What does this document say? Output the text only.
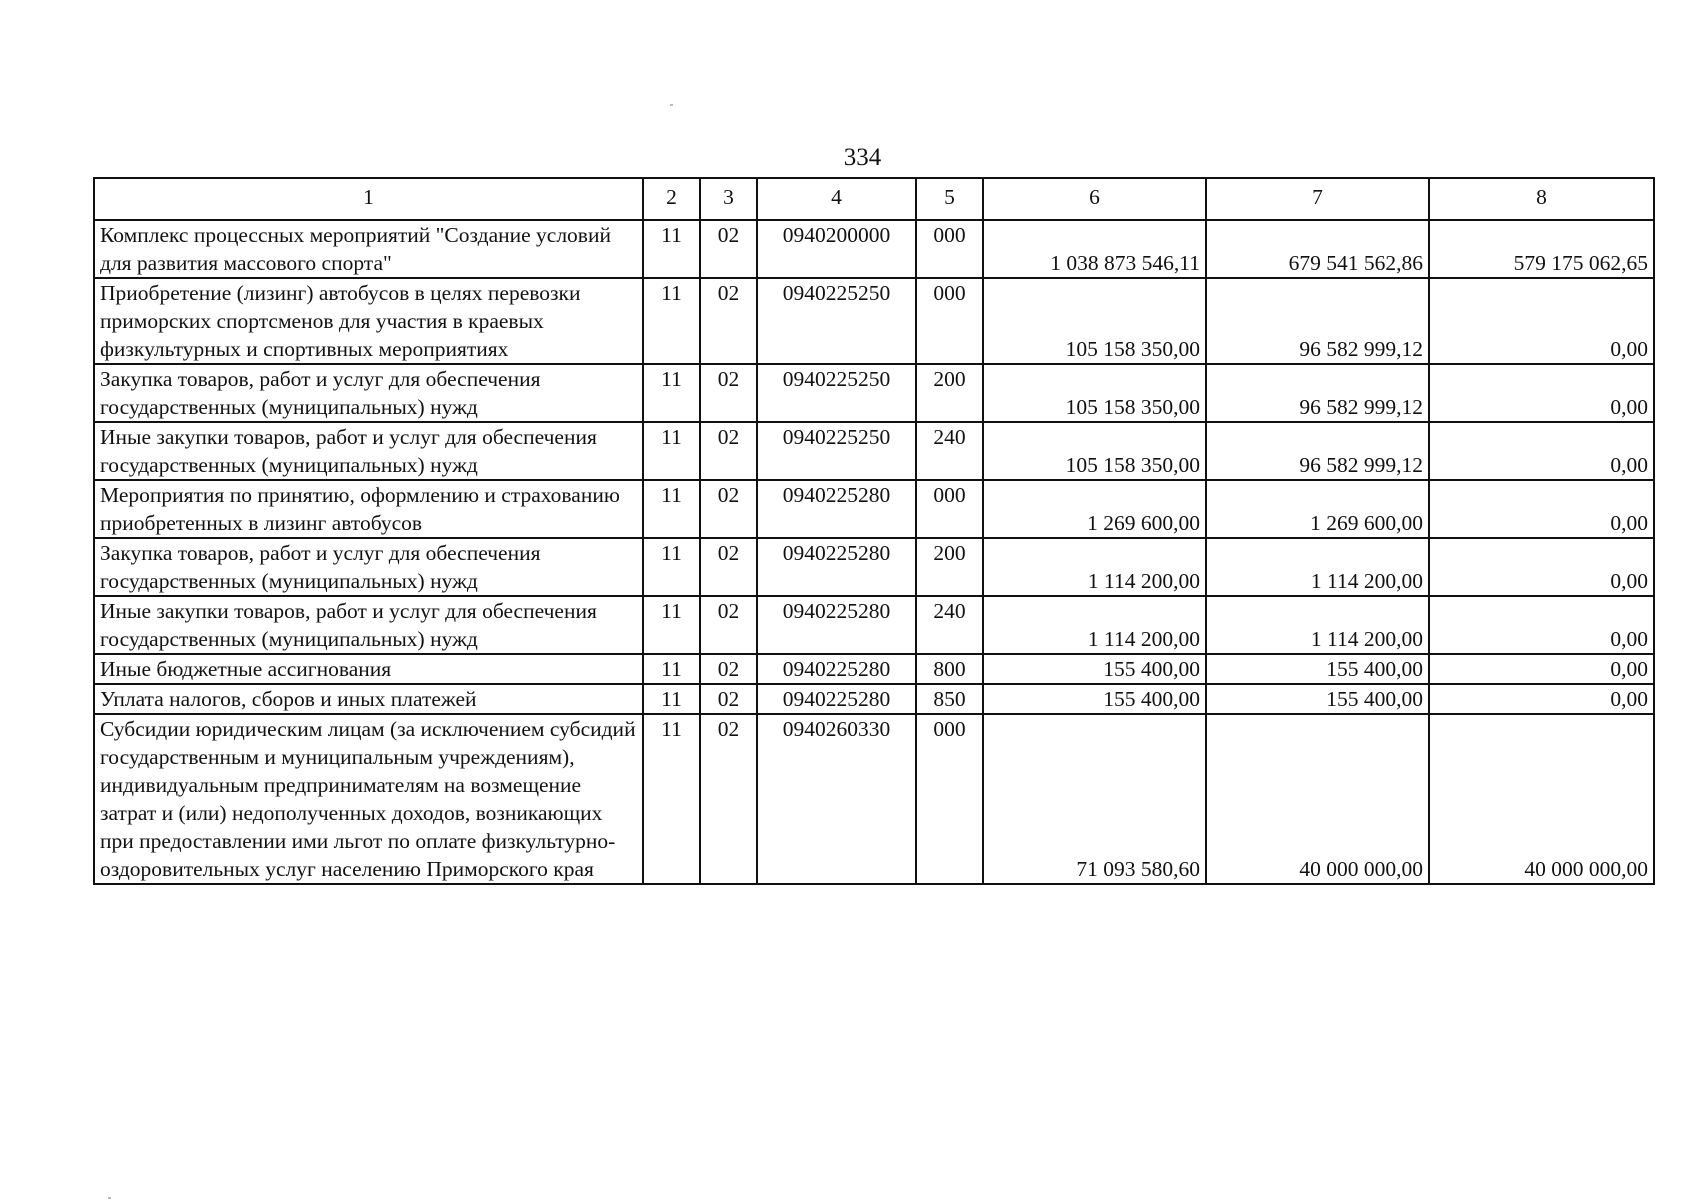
334
1	2	3	4	5	6	7	8
Комплекс процессных мероприятий "Создание условий для развития массового спорта"	11	02	0940200000	000	1 038 873 546,11	679 541 562,86	579 175 062,65
Приобретение (лизинг) автобусов в целях перевозки приморских спортсменов для участия в краевых физкультурных и спортивных мероприятиях	11	02	0940225250	000	105 158 350,00	96 582 999,12	0,00
Закупка товаров, работ и услуг для обеспечения государственных (муниципальных) нужд	11	02	0940225250	200	105 158 350,00	96 582 999,12	0,00
Иные закупки товаров, работ и услуг для обеспечения государственных (муниципальных) нужд	11	02	0940225250	240	105 158 350,00	96 582 999,12	0,00
Мероприятия по принятию, оформлению и страхованию приобретенных в лизинг автобусов	11	02	0940225280	000	1 269 600,00	1 269 600,00	0,00
Закупка товаров, работ и услуг для обеспечения государственных (муниципальных) нужд	11	02	0940225280	200	1 114 200,00	1 114 200,00	0,00
Иные закупки товаров, работ и услуг для обеспечения государственных (муниципальных) нужд	11	02	0940225280	240	1 114 200,00	1 114 200,00	0,00
Иные бюджетные ассигнования	11	02	0940225280	800	155 400,00	155 400,00	0,00
Уплата налогов, сборов и иных платежей	11	02	0940225280	850	155 400,00	155 400,00	0,00
Субсидии юридическим лицам (за исключением субсидий государственным и муниципальным учреждениям), индивидуальным предпринимателям на возмещение затрат и (или) недополученных доходов, возникающих при предоставлении ими льгот по оплате физкультурно-оздоровительных услуг населению Приморского края	11	02	0940260330	000	71 093 580,60	40 000 000,00	40 000 000,00
